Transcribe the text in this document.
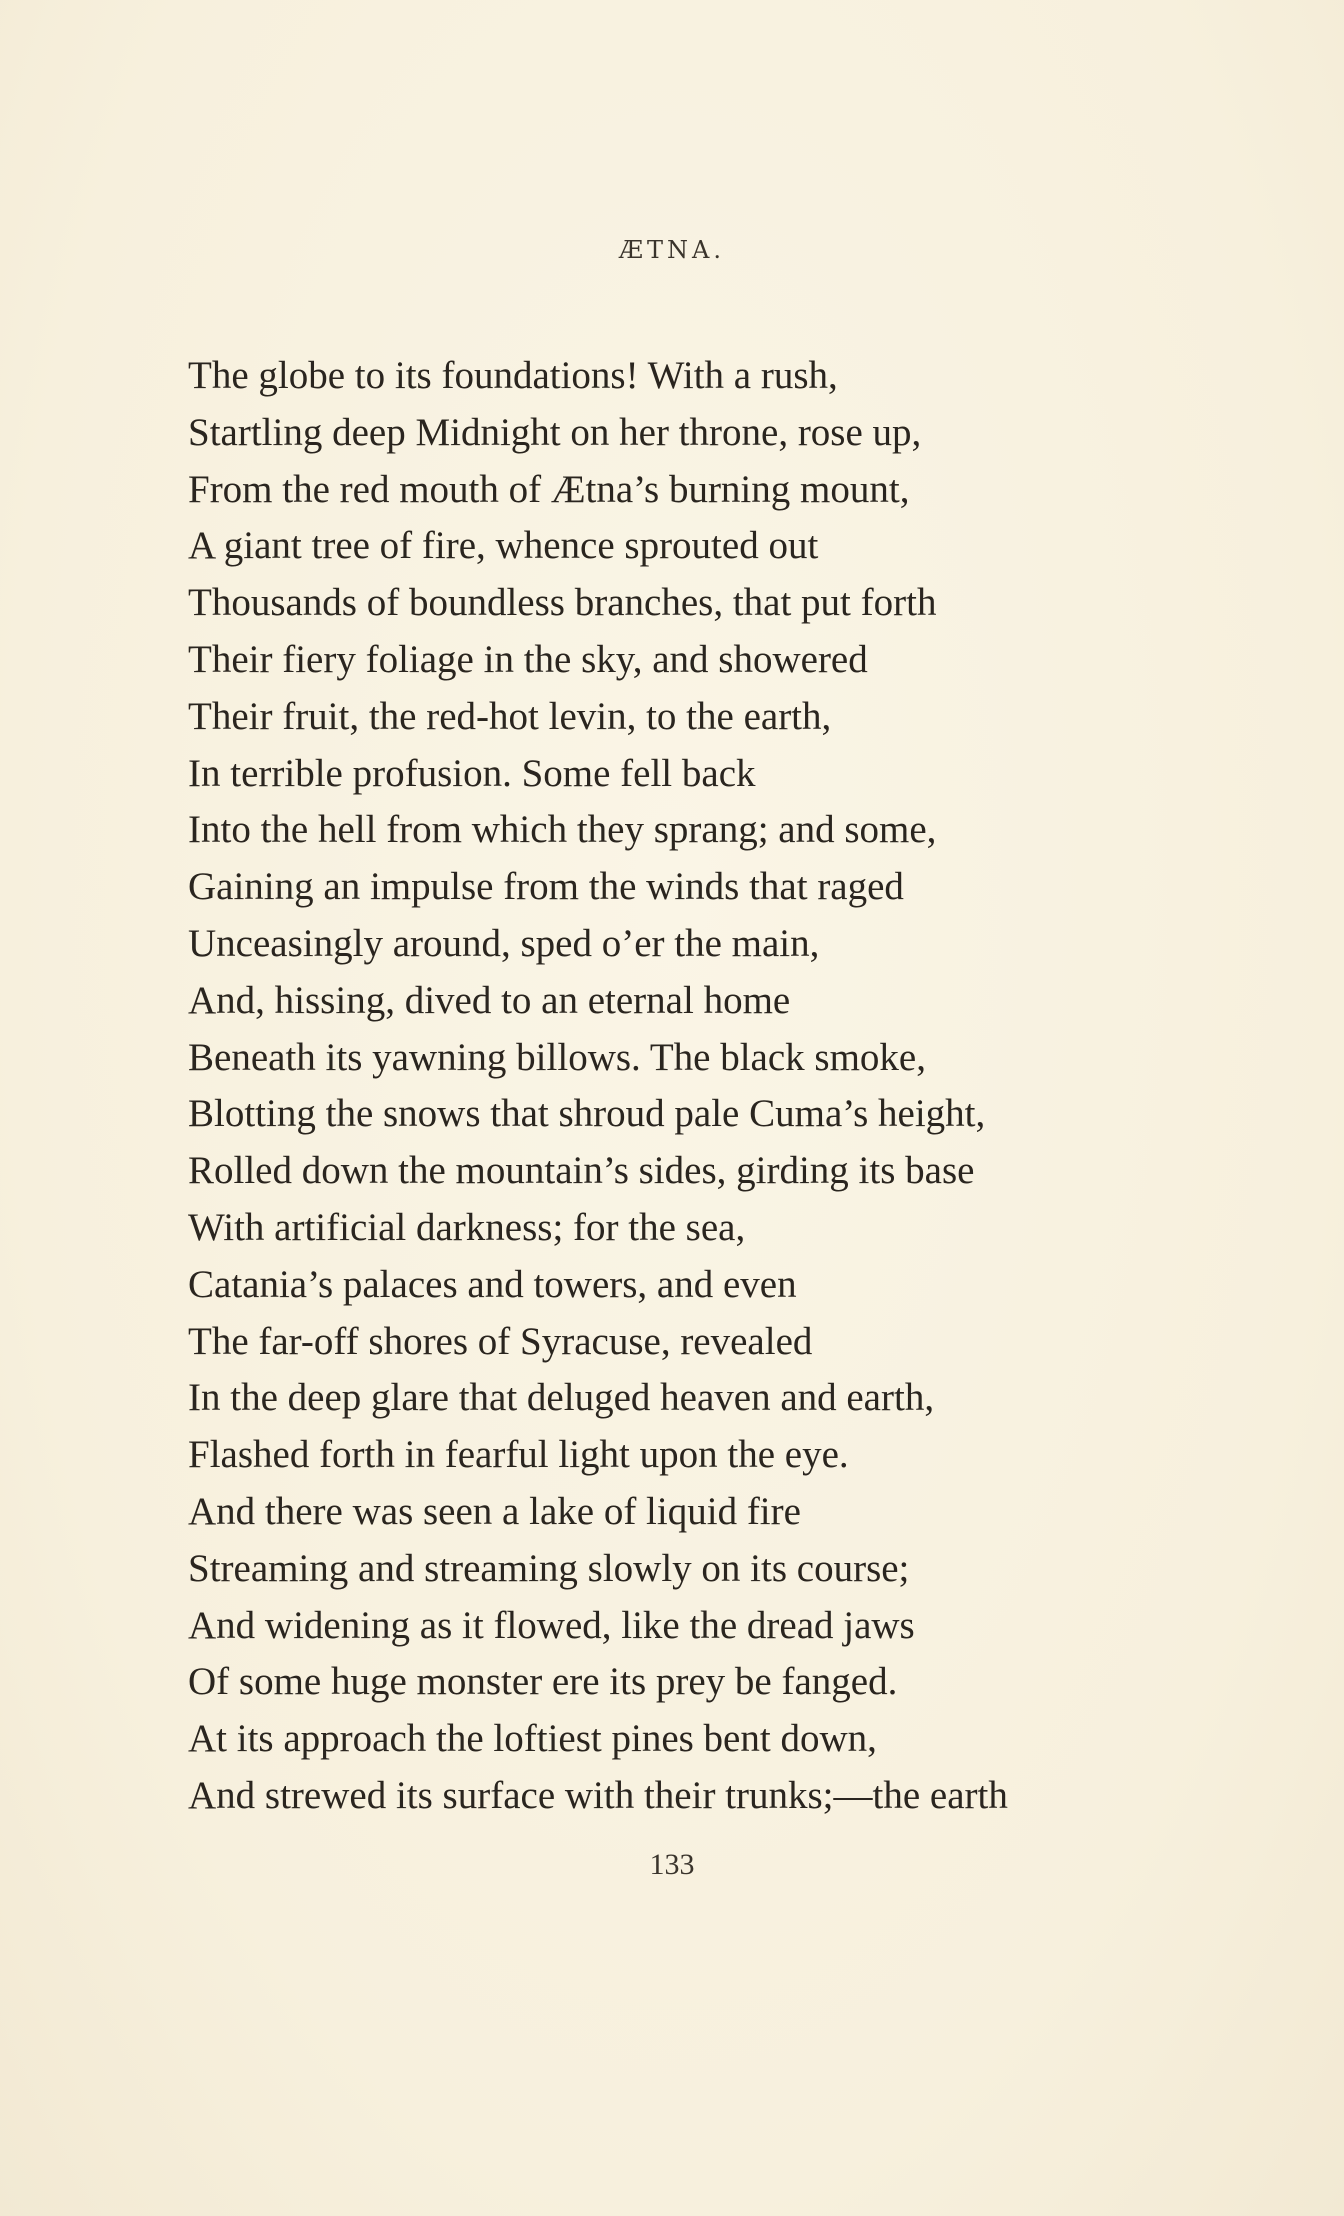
ÆTNA.
The globe to its foundations! With a rush,
Startling deep Midnight on her throne, rose up,
From the red mouth of Ætna’s burning mount,
A giant tree of fire, whence sprouted out
Thousands of boundless branches, that put forth
Their fiery foliage in the sky, and showered
Their fruit, the red-hot levin, to the earth,
In terrible profusion. Some fell back
Into the hell from which they sprang; and some,
Gaining an impulse from the winds that raged
Unceasingly around, sped o’er the main,
And, hissing, dived to an eternal home
Beneath its yawning billows. The black smoke,
Blotting the snows that shroud pale Cuma’s height,
Rolled down the mountain’s sides, girding its base
With artificial darkness; for the sea,
Catania’s palaces and towers, and even
The far-off shores of Syracuse, revealed
In the deep glare that deluged heaven and earth,
Flashed forth in fearful light upon the eye.
And there was seen a lake of liquid fire
Streaming and streaming slowly on its course;
And widening as it flowed, like the dread jaws
Of some huge monster ere its prey be fanged.
At its approach the loftiest pines bent down,
And strewed its surface with their trunks;—the earth
133
